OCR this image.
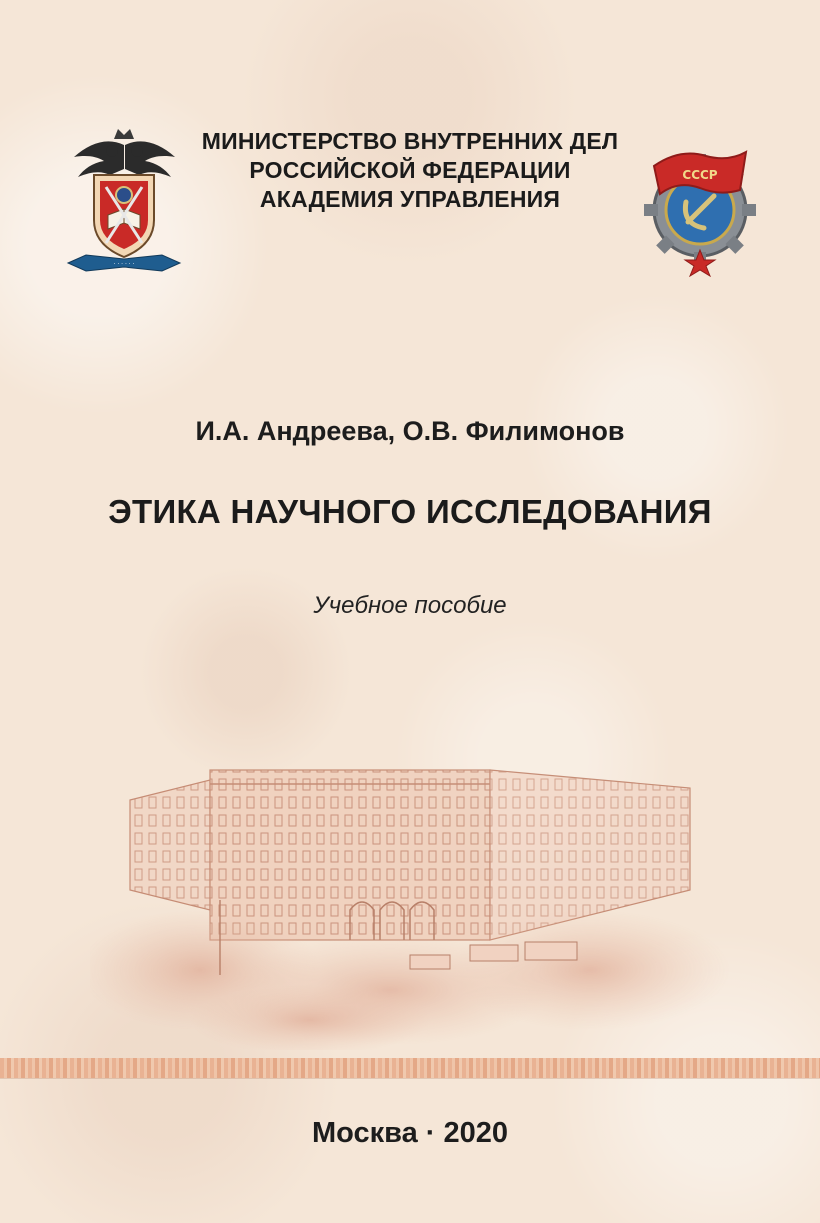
· · · · · ·
МИНИСТЕРСТВО ВНУТРЕННИХ ДЕЛ
РОССИЙСКОЙ ФЕДЕРАЦИИ
АКАДЕМИЯ УПРАВЛЕНИЯ
СССР
И.А. Андреева, О.В. Филимонов
ЭТИКА НАУЧНОГО ИССЛЕДОВАНИЯ
Учебное пособие
Москва · 2020
